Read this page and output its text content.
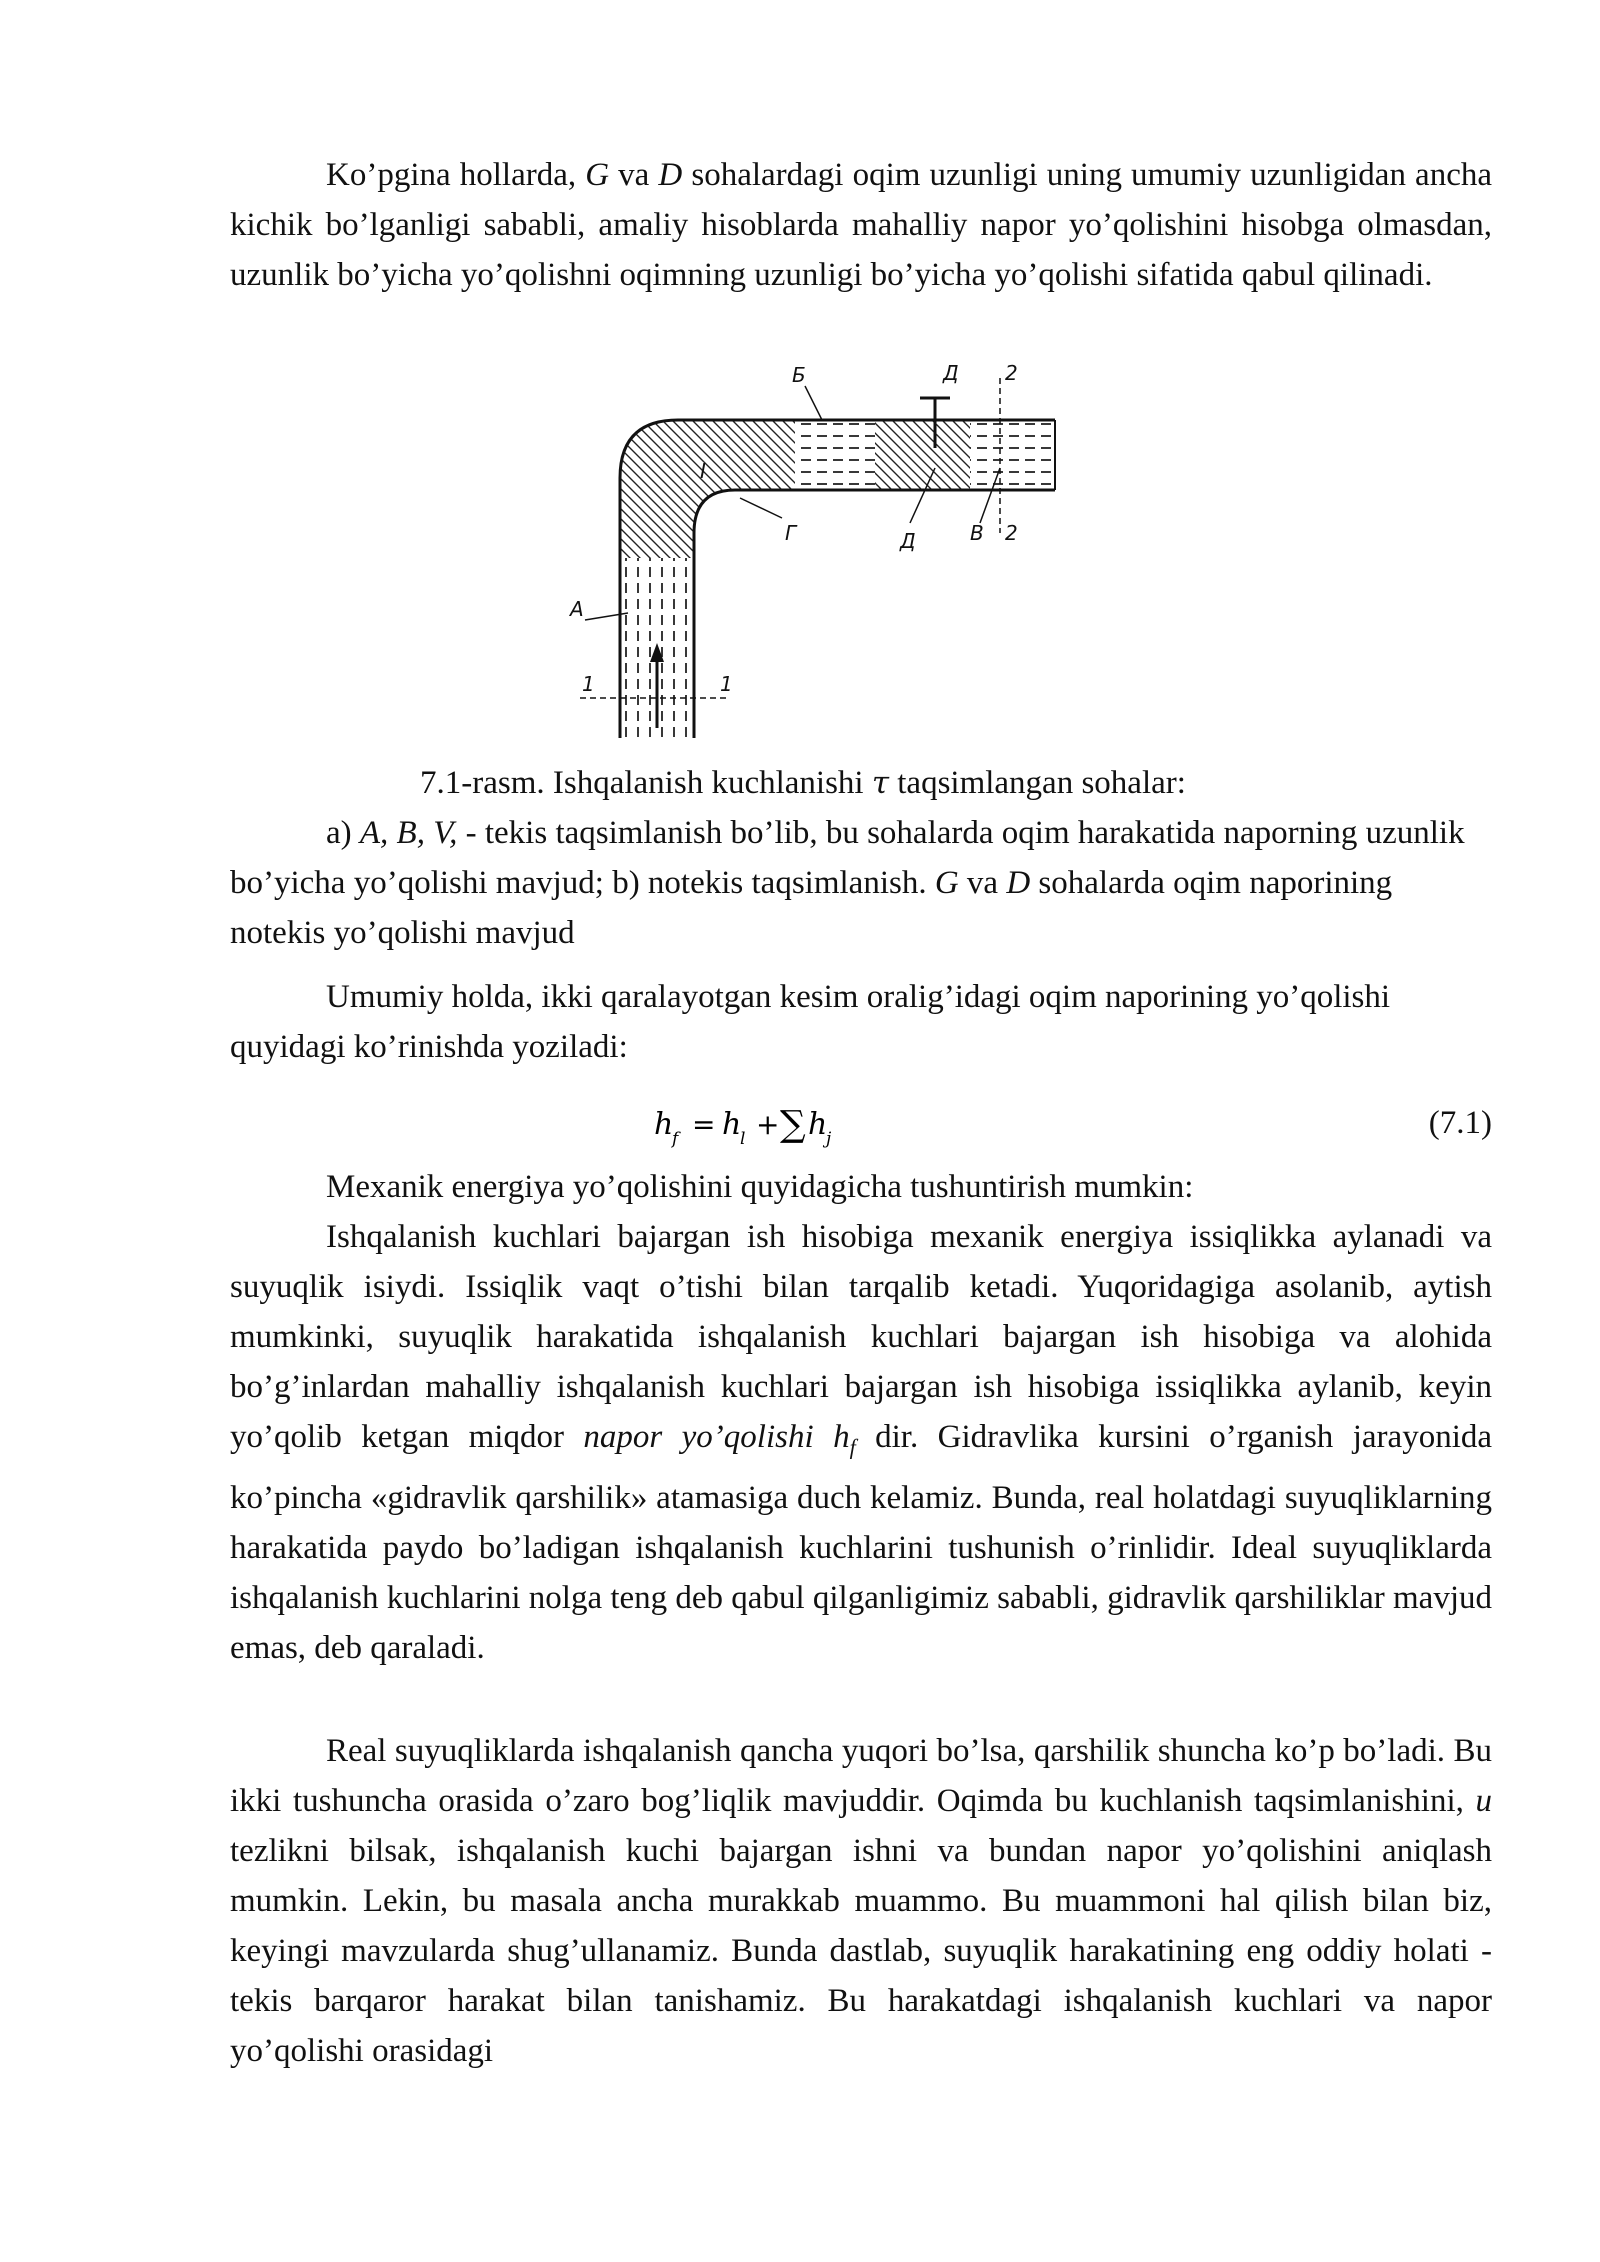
Ko’pgina hollarda, G va D sohalardagi oqim uzunligi uning umumiy uzunligidan ancha kichik bo’lganligi sababli, amaliy hisoblarda mahalliy napor yo’qolishini hisobga olmasdan, uzunlik bo’yicha yo’qolishni oqimning uzunligi bo’yicha yo’qolishi sifatida qabul qilinadi.

Б	Д 2
I
Г	Д	В 2
А
1	1
7.1-rasm. Ishqalanish kuchlanishi τ taqsimlangan sohalar:

a) A, B, V, - tekis taqsimlanish bo’lib, bu sohalarda oqim harakatida naporning uzunlik bo’yicha yo’qolishi mavjud; b) notekis taqsimlanish. G va D sohalarda oqim naporining notekis yo’qolishi mavjud

Umumiy holda, ikki qaralayotgan kesim oralig’idagi oqim naporining yo’qolishi quyidagi ko’rinishda yoziladi:

h
f = h
l + ∑ h
j	(7.1)

Mexanik energiya yo’qolishini quyidagicha tushuntirish mumkin:

Ishqalanish kuchlari bajargan ish hisobiga mexanik energiya issiqlikka aylanadi va suyuqlik isiydi. Issiqlik vaqt o’tishi bilan tarqalib ketadi. Yuqoridagiga asolanib, aytish mumkinki, suyuqlik harakatida ishqalanish kuchlari bajargan ish hisobiga va alohida bo’g’inlardan mahalliy ishqalanish kuchlari bajargan ish hisobiga issiqlikka aylanib, keyin yo’qolib ketgan miqdor napor yo’qolishi $h_f$ dir. Gidravlika kursini o’rganish jarayonida ko’pincha «gidravlik qarshilik» atamasiga duch kelamiz. Bunda, real holatdagi suyuqliklarning harakatida paydo bo’ladigan ishqalanish kuchlarini tushunish o’rinlidir. Ideal suyuqliklarda ishqalanish kuchlarini nolga teng deb qabul qilganligimiz sababli, gidravlik qarshiliklar mavjud emas, deb qaraladi.

Real suyuqliklarda ishqalanish qancha yuqori bo’lsa, qarshilik shuncha ko’p bo’ladi. Bu ikki tushuncha orasida o’zaro bog’liqlik mavjuddir. Oqimda bu kuchlanish taqsimlanishini, u tezlikni bilsak, ishqalanish kuchi bajargan ishni va bundan napor yo’qolishini aniqlash mumkin. Lekin, bu masala ancha murakkab muammo. Bu muammoni hal qilish bilan biz, keyingi mavzularda shug’ullanamiz. Bunda dastlab, suyuqlik harakatining eng oddiy holati - tekis barqaror harakat bilan tanishamiz. Bu harakatdagi ishqalanish kuchlari va napor yo’qolishi orasidagi
